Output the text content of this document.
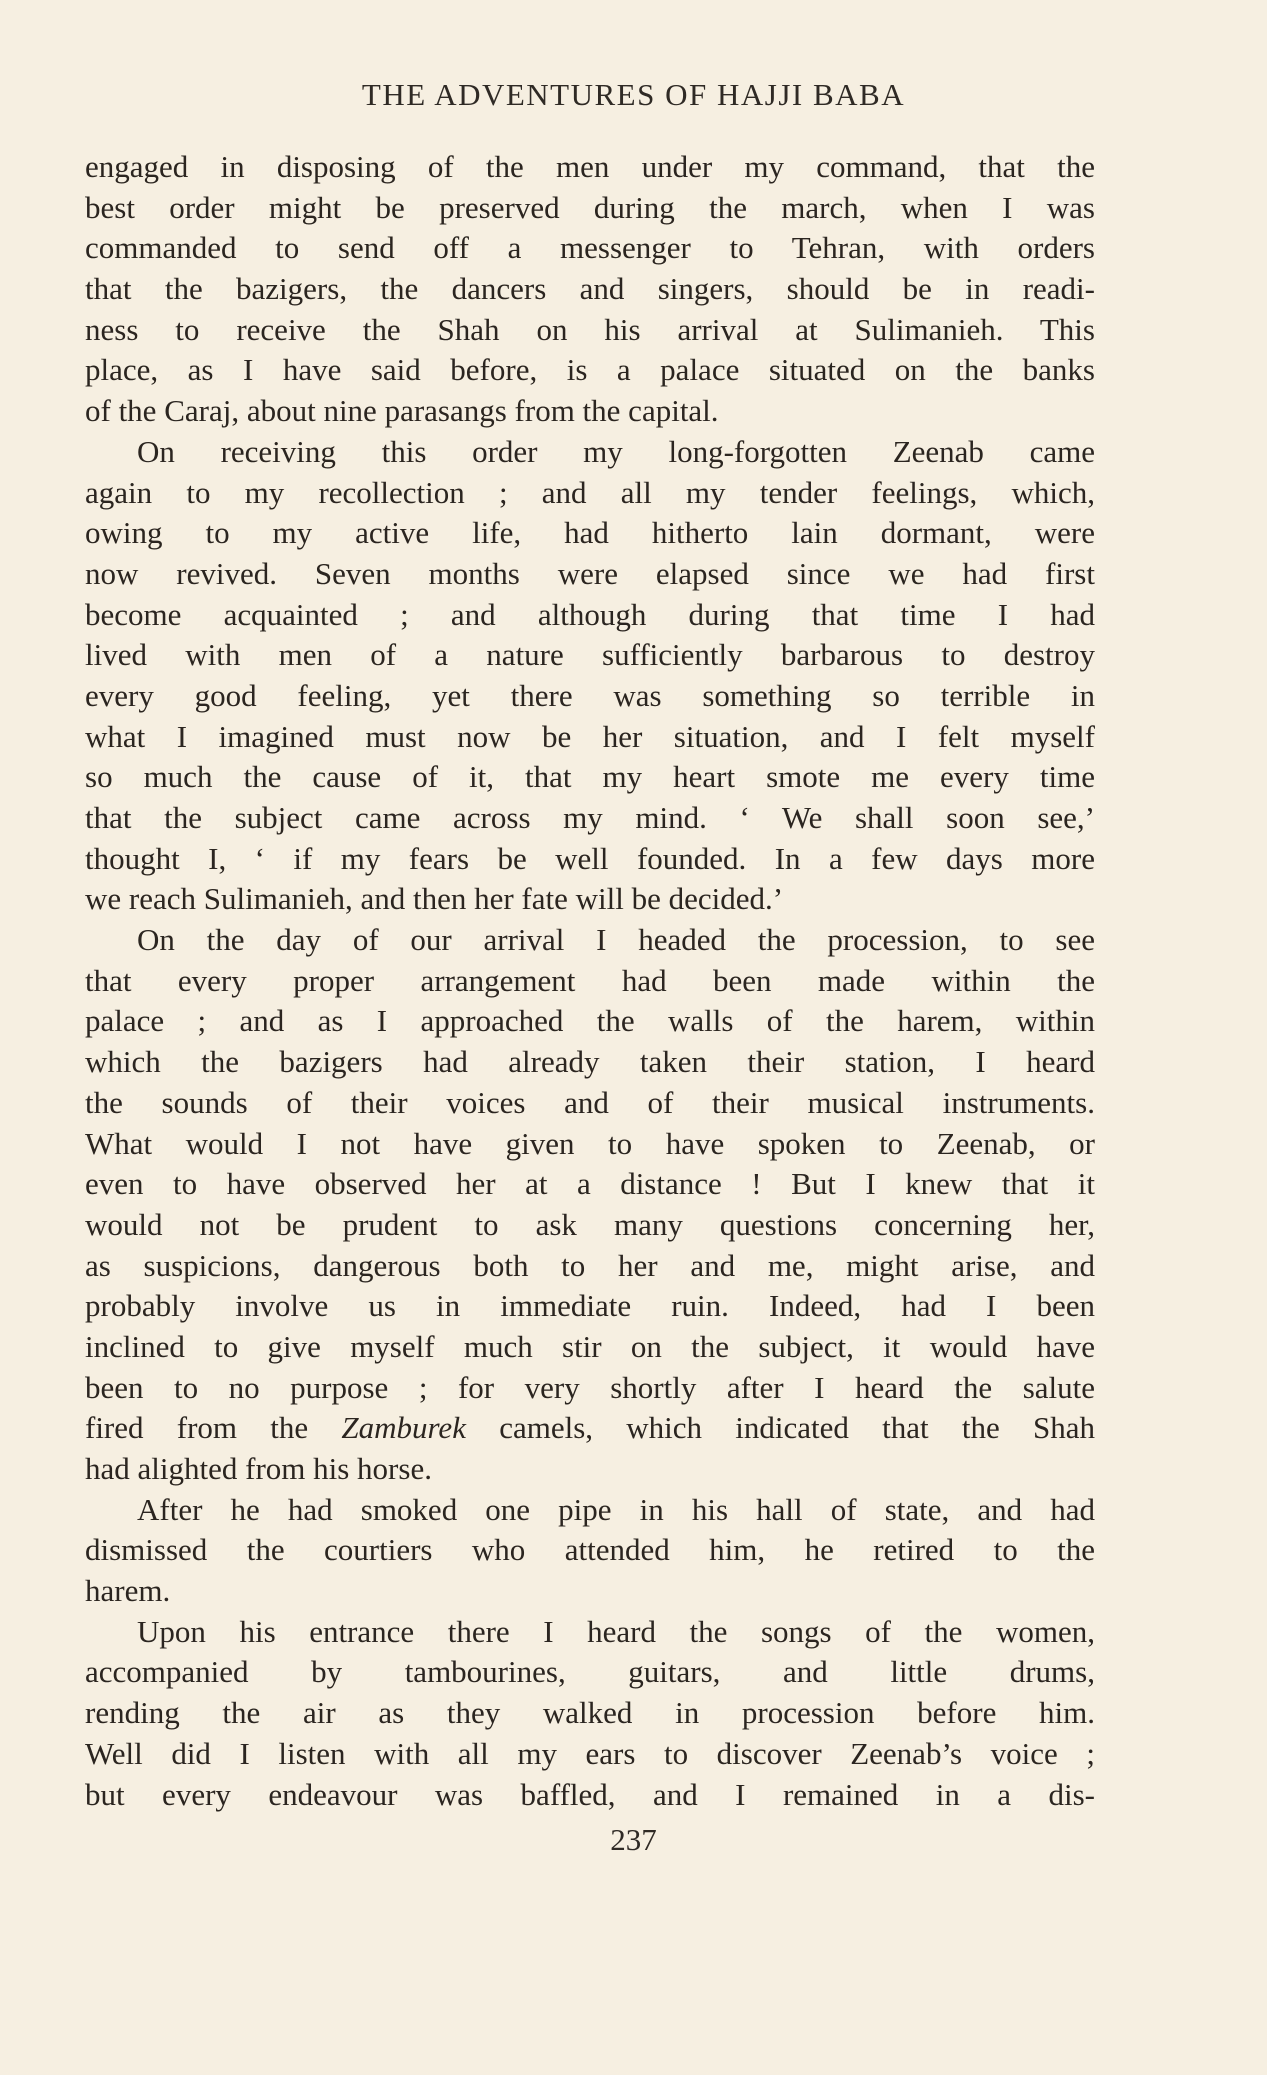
THE ADVENTURES OF HAJJI BABA
engaged in disposing of the men under my command, that the
best order might be preserved during the march, when I was
commanded to send off a messenger to Tehran, with orders
that the bazigers, the dancers and singers, should be in readi-
ness to receive the Shah on his arrival at Sulimanieh. This
place, as I have said before, is a palace situated on the banks
of the Caraj, about nine parasangs from the capital.
On receiving this order my long-forgotten Zeenab came
again to my recollection ; and all my tender feelings, which,
owing to my active life, had hitherto lain dormant, were
now revived. Seven months were elapsed since we had first
become acquainted ; and although during that time I had
lived with men of a nature sufficiently barbarous to destroy
every good feeling, yet there was something so terrible in
what I imagined must now be her situation, and I felt myself
so much the cause of it, that my heart smote me every time
that the subject came across my mind. ‘ We shall soon see,’
thought I, ‘ if my fears be well founded. In a few days more
we reach Sulimanieh, and then her fate will be decided.’
On the day of our arrival I headed the procession, to see
that every proper arrangement had been made within the
palace ; and as I approached the walls of the harem, within
which the bazigers had already taken their station, I heard
the sounds of their voices and of their musical instruments.
What would I not have given to have spoken to Zeenab, or
even to have observed her at a distance ! But I knew that it
would not be prudent to ask many questions concerning her,
as suspicions, dangerous both to her and me, might arise, and
probably involve us in immediate ruin. Indeed, had I been
inclined to give myself much stir on the subject, it would have
been to no purpose ; for very shortly after I heard the salute
fired from the Zamburek camels, which indicated that the Shah
had alighted from his horse.
After he had smoked one pipe in his hall of state, and had
dismissed the courtiers who attended him, he retired to the
harem.
Upon his entrance there I heard the songs of the women,
accompanied by tambourines, guitars, and little drums,
rending the air as they walked in procession before him.
Well did I listen with all my ears to discover Zeenab’s voice ;
but every endeavour was baffled, and I remained in a dis-
237
